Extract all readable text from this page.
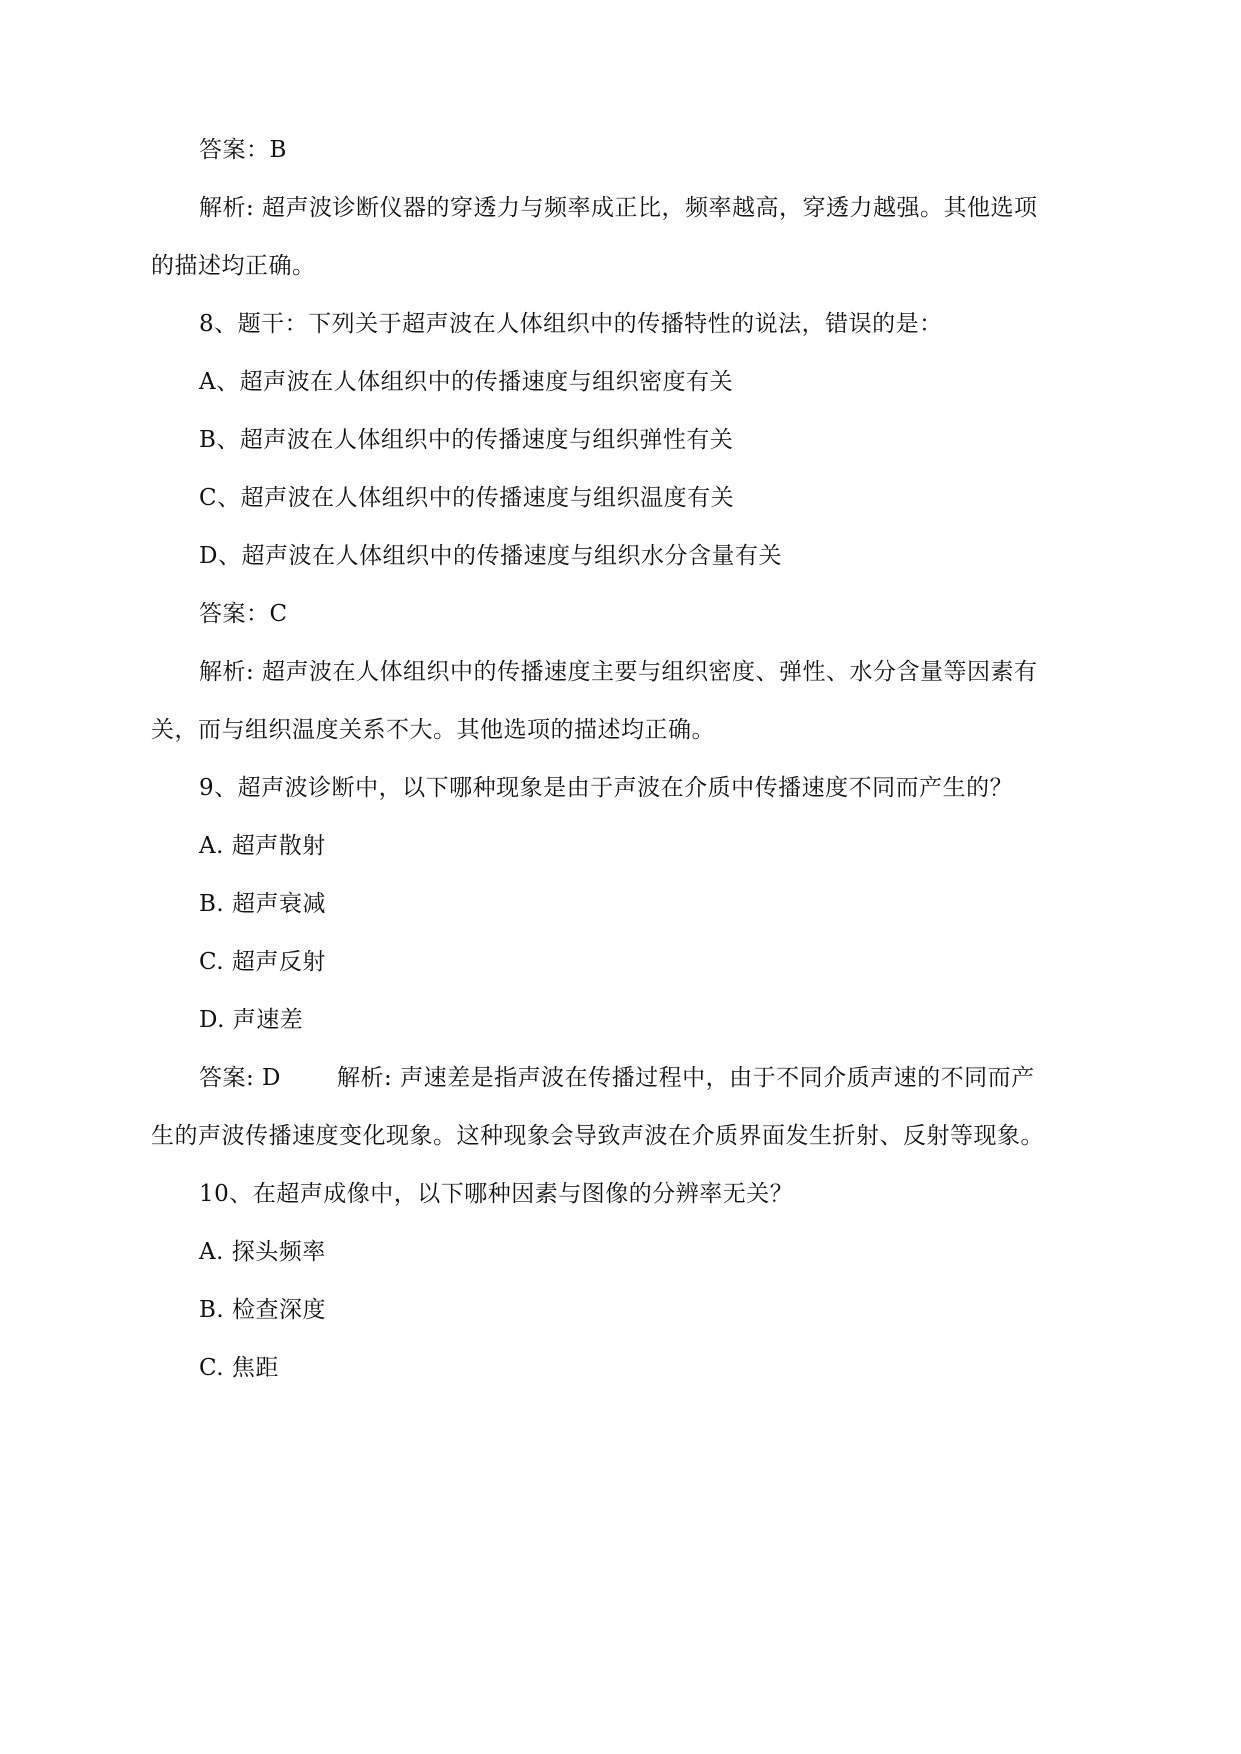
答案：B
解析: 超声波诊断仪器的穿透力与频率成正比，频率越高，穿透力越强。其他选项
的描述均正确。
8、题干：下列关于超声波在人体组织中的传播特性的说法，错误的是：
A、超声波在人体组织中的传播速度与组织密度有关
B、超声波在人体组织中的传播速度与组织弹性有关
C、超声波在人体组织中的传播速度与组织温度有关
D、超声波在人体组织中的传播速度与组织水分含量有关
答案：C
解析: 超声波在人体组织中的传播速度主要与组织密度、弹性、水分含量等因素有
关，而与组织温度关系不大。其他选项的描述均正确。
9、超声波诊断中，以下哪种现象是由于声波在介质中传播速度不同而产生的？
A. 超声散射
B. 超声衰减
C. 超声反射
D. 声速差
答案: D 解析: 声速差是指声波在传播过程中，由于不同介质声速的不同而产
生的声波传播速度变化现象。这种现象会导致声波在介质界面发生折射、反射等现象。
10、在超声成像中，以下哪种因素与图像的分辨率无关？
A. 探头频率
B. 检查深度
C. 焦距
